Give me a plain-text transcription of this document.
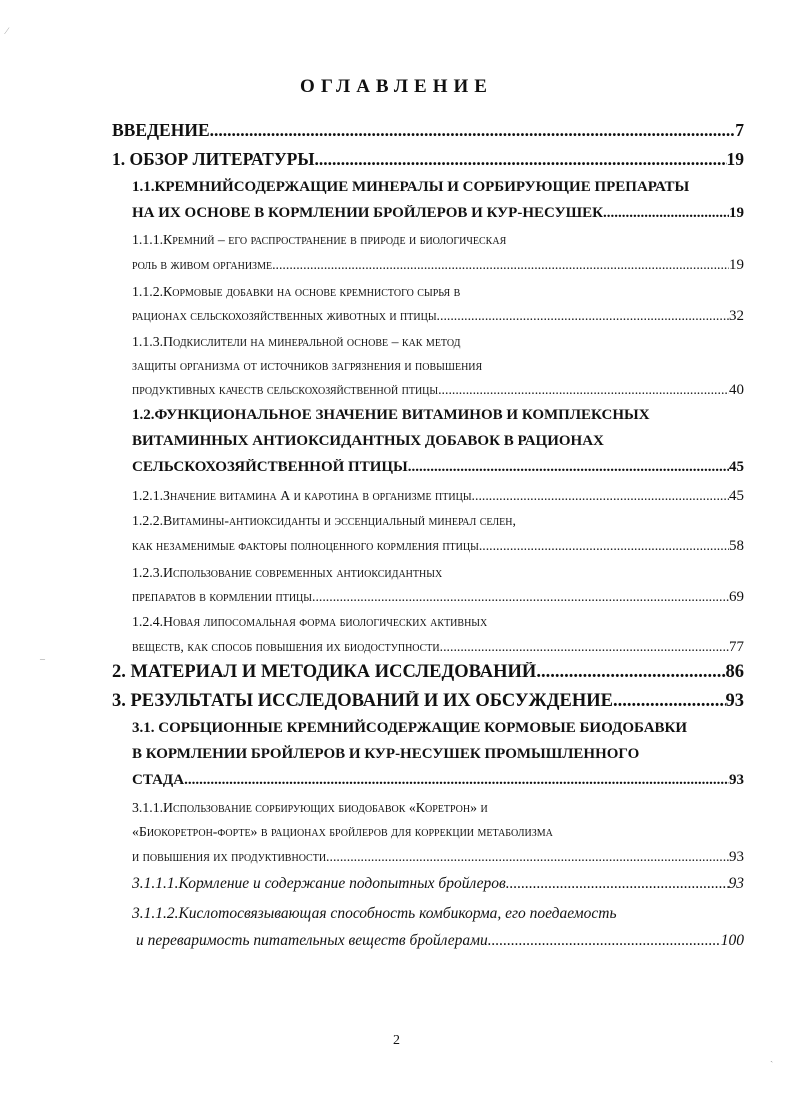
∕
‒
ˏ
ОГЛАВЛЕНИЕ
ВВЕДЕНИЕ .....	7
1. ОБЗОР ЛИТЕРАТУРЫ .....	19
1.1.КРЕМНИЙСОДЕРЖАЩИЕ МИНЕРАЛЫ И СОРБИРУЮЩИЕ ПРЕПАРАТЫ
НА ИХ ОСНОВЕ В КОРМЛЕНИИ БРОЙЛЕРОВ И КУР-НЕСУШЕК .....	19
1.1.1.Кремний – его распространение в природе и биологическая
роль в живом организме .....	19
1.1.2.Кормовые добавки на основе кремнистого сырья в
рационах сельскохозяйственных животных и птицы .....	32
1.1.3.Подкислители на минеральной основе – как метод
защиты организма от источников загрязнения и повышения
продуктивных качеств сельскохозяйственной птицы .....	40
1.2.ФУНКЦИОНАЛЬНОЕ ЗНАЧЕНИЕ ВИТАМИНОВ И КОМПЛЕКСНЫХ
ВИТАМИННЫХ АНТИОКСИДАНТНЫХ ДОБАВОК В РАЦИОНАХ
СЕЛЬСКОХОЗЯЙСТВЕННОЙ ПТИЦЫ .....	45
1.2.1.Значение витамина А и каротина в организме птицы .....	45
1.2.2.Витамины-антиоксиданты и эссенциальный минерал селен,
как незаменимые факторы полноценного кормления птицы .....	58
1.2.3.Использование современных антиоксидантных
препаратов в кормлении птицы .....	69
1.2.4.Новая липосомальная форма биологических активных
веществ, как способ повышения их биодоступности .....	77
2. МАТЕРИАЛ И МЕТОДИКА ИССЛЕДОВАНИЙ .....	86
3. РЕЗУЛЬТАТЫ ИССЛЕДОВАНИЙ И ИХ ОБСУЖДЕНИЕ .....	93
3.1. СОРБЦИОННЫЕ КРЕМНИЙСОДЕРЖАЩИЕ КОРМОВЫЕ БИОДОБАВКИ
В КОРМЛЕНИИ БРОЙЛЕРОВ И КУР-НЕСУШЕК ПРОМЫШЛЕННОГО
СТАДА .....	93
3.1.1.Использование сорбирующих биодобавок «Коретрон» и
«Биокоретрон-форте» в рационах бройлеров для коррекции метаболизма
и повышения их продуктивности .....	93
3.1.1.1.Кормление и содержание подопытных бройлеров .....	93
3.1.1.2.Кислотосвязывающая способность комбикорма, его поедаемость
и переваримость питательных веществ бройлерами .....	100
2
